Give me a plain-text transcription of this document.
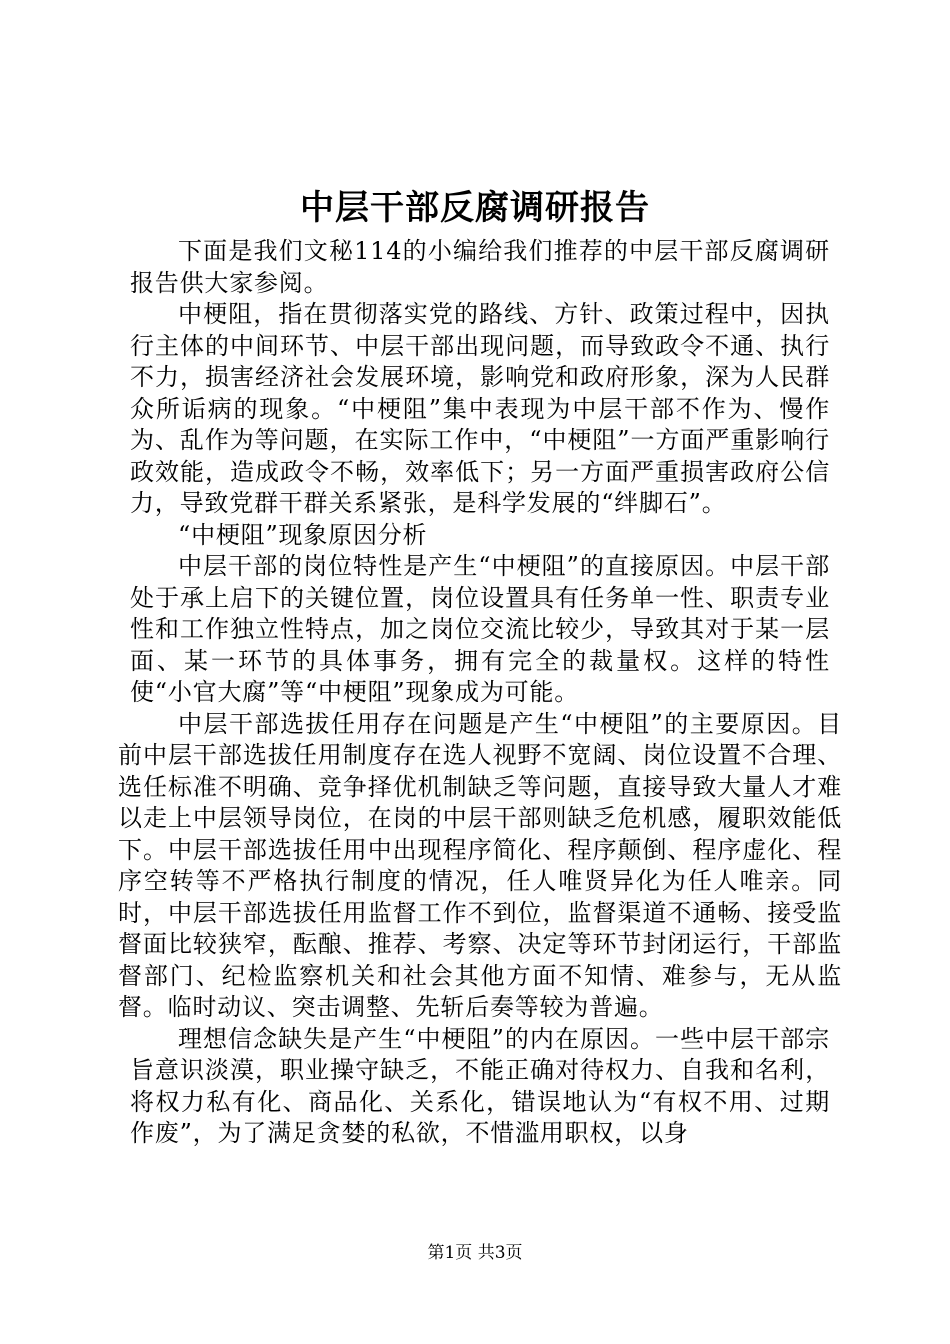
中层干部反腐调研报告

下面是我们文秘114的小编给我们推荐的中层干部反腐调研报告供大家参阅。

中梗阻，指在贯彻落实党的路线、方针、政策过程中，因执行主体的中间环节、中层干部出现问题，而导致政令不通、执行不力，损害经济社会发展环境，影响党和政府形象，深为人民群众所诟病的现象。“中梗阻”集中表现为中层干部不作为、慢作为、乱作为等问题，在实际工作中，“中梗阻”一方面严重影响行政效能，造成政令不畅，效率低下；另一方面严重损害政府公信力，导致党群干群关系紧张，是科学发展的“绊脚石”。

“中梗阻”现象原因分析

中层干部的岗位特性是产生“中梗阻”的直接原因。中层干部处于承上启下的关键位置，岗位设置具有任务单一性、职责专业性和工作独立性特点，加之岗位交流比较少，导致其对于某一层面、某一环节的具体事务，拥有完全的裁量权。这样的特性使“小官大腐”等“中梗阻”现象成为可能。

中层干部选拔任用存在问题是产生“中梗阻”的主要原因。目前中层干部选拔任用制度存在选人视野不宽阔、岗位设置不合理、选任标准不明确、竞争择优机制缺乏等问题，直接导致大量人才难以走上中层领导岗位，在岗的中层干部则缺乏危机感，履职效能低下。中层干部选拔任用中出现程序简化、程序颠倒、程序虚化、程序空转等不严格执行制度的情况，任人唯贤异化为任人唯亲。同时，中层干部选拔任用监督工作不到位，监督渠道不通畅、接受监督面比较狭窄，酝酿、推荐、考察、决定等环节封闭运行，干部监督部门、纪检监察机关和社会其他方面不知情、难参与，无从监督。临时动议、突击调整、先斩后奏等较为普遍。

理想信念缺失是产生“中梗阻”的内在原因。一些中层干部宗旨意识淡漠，职业操守缺乏，不能正确对待权力、自我和名利，将权力私有化、商品化、关系化，错误地认为“有权不用、过期作废”，为了满足贪婪的私欲，不惜滥用职权，以身

第1页 共3页
